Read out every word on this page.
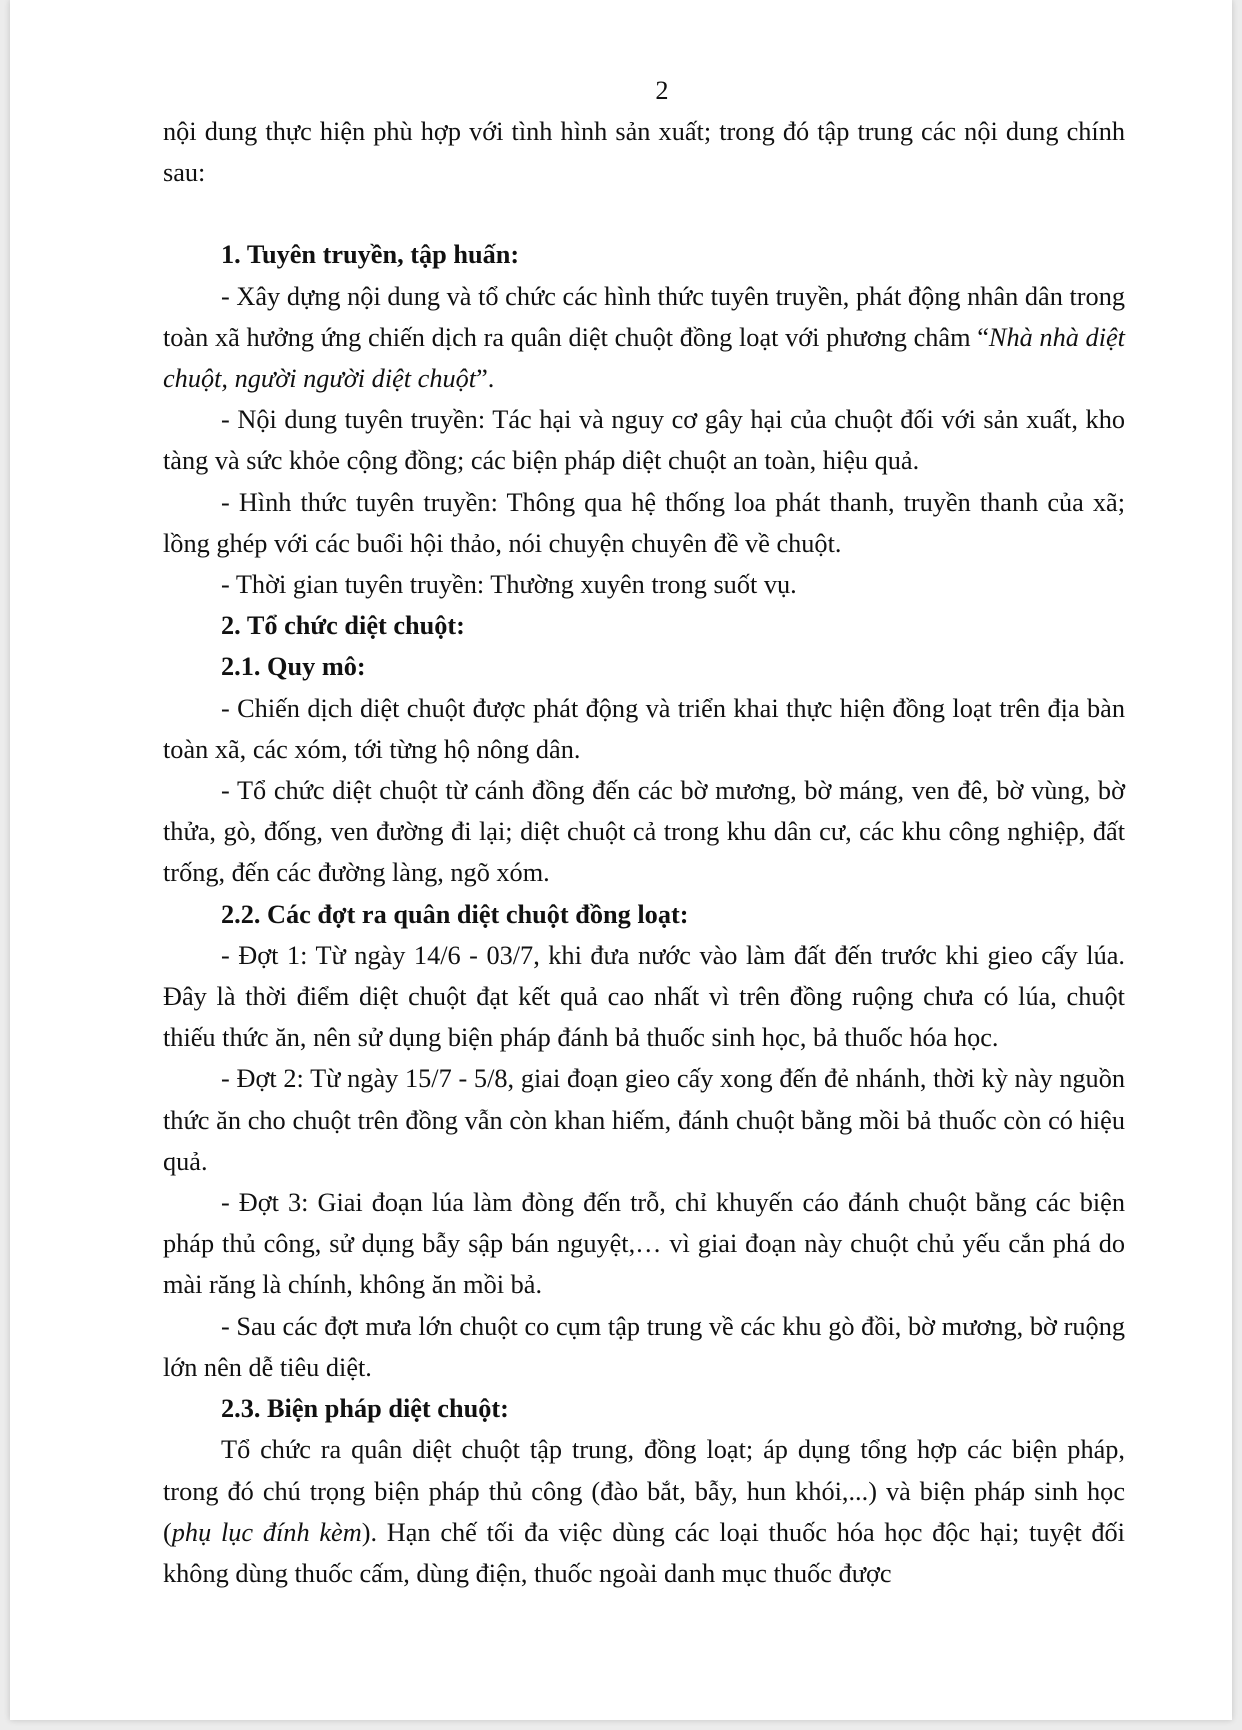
2

nội dung thực hiện phù hợp với tình hình sản xuất; trong đó tập trung các nội dung chính sau:

1. Tuyên truyền, tập huấn:

- Xây dựng nội dung và tổ chức các hình thức tuyên truyền, phát động nhân dân trong toàn xã hưởng ứng chiến dịch ra quân diệt chuột đồng loạt với phương châm “Nhà nhà diệt chuột, người người diệt chuột”.

- Nội dung tuyên truyền: Tác hại và nguy cơ gây hại của chuột đối với sản xuất, kho tàng và sức khỏe cộng đồng; các biện pháp diệt chuột an toàn, hiệu quả.

- Hình thức tuyên truyền: Thông qua hệ thống loa phát thanh, truyền thanh của xã; lồng ghép với các buổi hội thảo, nói chuyện chuyên đề về chuột.

- Thời gian tuyên truyền: Thường xuyên trong suốt vụ.

2. Tổ chức diệt chuột:

2.1. Quy mô:

- Chiến dịch diệt chuột được phát động và triển khai thực hiện đồng loạt trên địa bàn toàn xã, các xóm, tới từng hộ nông dân.

- Tổ chức diệt chuột từ cánh đồng đến các bờ mương, bờ máng, ven đê, bờ vùng, bờ thửa, gò, đống, ven đường đi lại; diệt chuột cả trong khu dân cư, các khu công nghiệp, đất trống, đến các đường làng, ngõ xóm.

2.2. Các đợt ra quân diệt chuột đồng loạt:

- Đợt 1: Từ ngày 14/6 - 03/7, khi đưa nước vào làm đất đến trước khi gieo cấy lúa. Đây là thời điểm diệt chuột đạt kết quả cao nhất vì trên đồng ruộng chưa có lúa, chuột thiếu thức ăn, nên sử dụng biện pháp đánh bả thuốc sinh học, bả thuốc hóa học.

- Đợt 2: Từ ngày 15/7 - 5/8, giai đoạn gieo cấy xong đến đẻ nhánh, thời kỳ này nguồn thức ăn cho chuột trên đồng vẫn còn khan hiếm, đánh chuột bằng mồi bả thuốc còn có hiệu quả.

- Đợt 3: Giai đoạn lúa làm đòng đến trỗ, chỉ khuyến cáo đánh chuột bằng các biện pháp thủ công, sử dụng bẫy sập bán nguyệt,… vì giai đoạn này chuột chủ yếu cắn phá do mài răng là chính, không ăn mồi bả.

- Sau các đợt mưa lớn chuột co cụm tập trung về các khu gò đồi, bờ mương, bờ ruộng lớn nên dễ tiêu diệt.

2.3. Biện pháp diệt chuột:

Tổ chức ra quân diệt chuột tập trung, đồng loạt; áp dụng tổng hợp các biện pháp, trong đó chú trọng biện pháp thủ công (đào bắt, bẫy, hun khói,...) và biện pháp sinh học (phụ lục đính kèm). Hạn chế tối đa việc dùng các loại thuốc hóa học độc hại; tuyệt đối không dùng thuốc cấm, dùng điện, thuốc ngoài danh mục thuốc được
